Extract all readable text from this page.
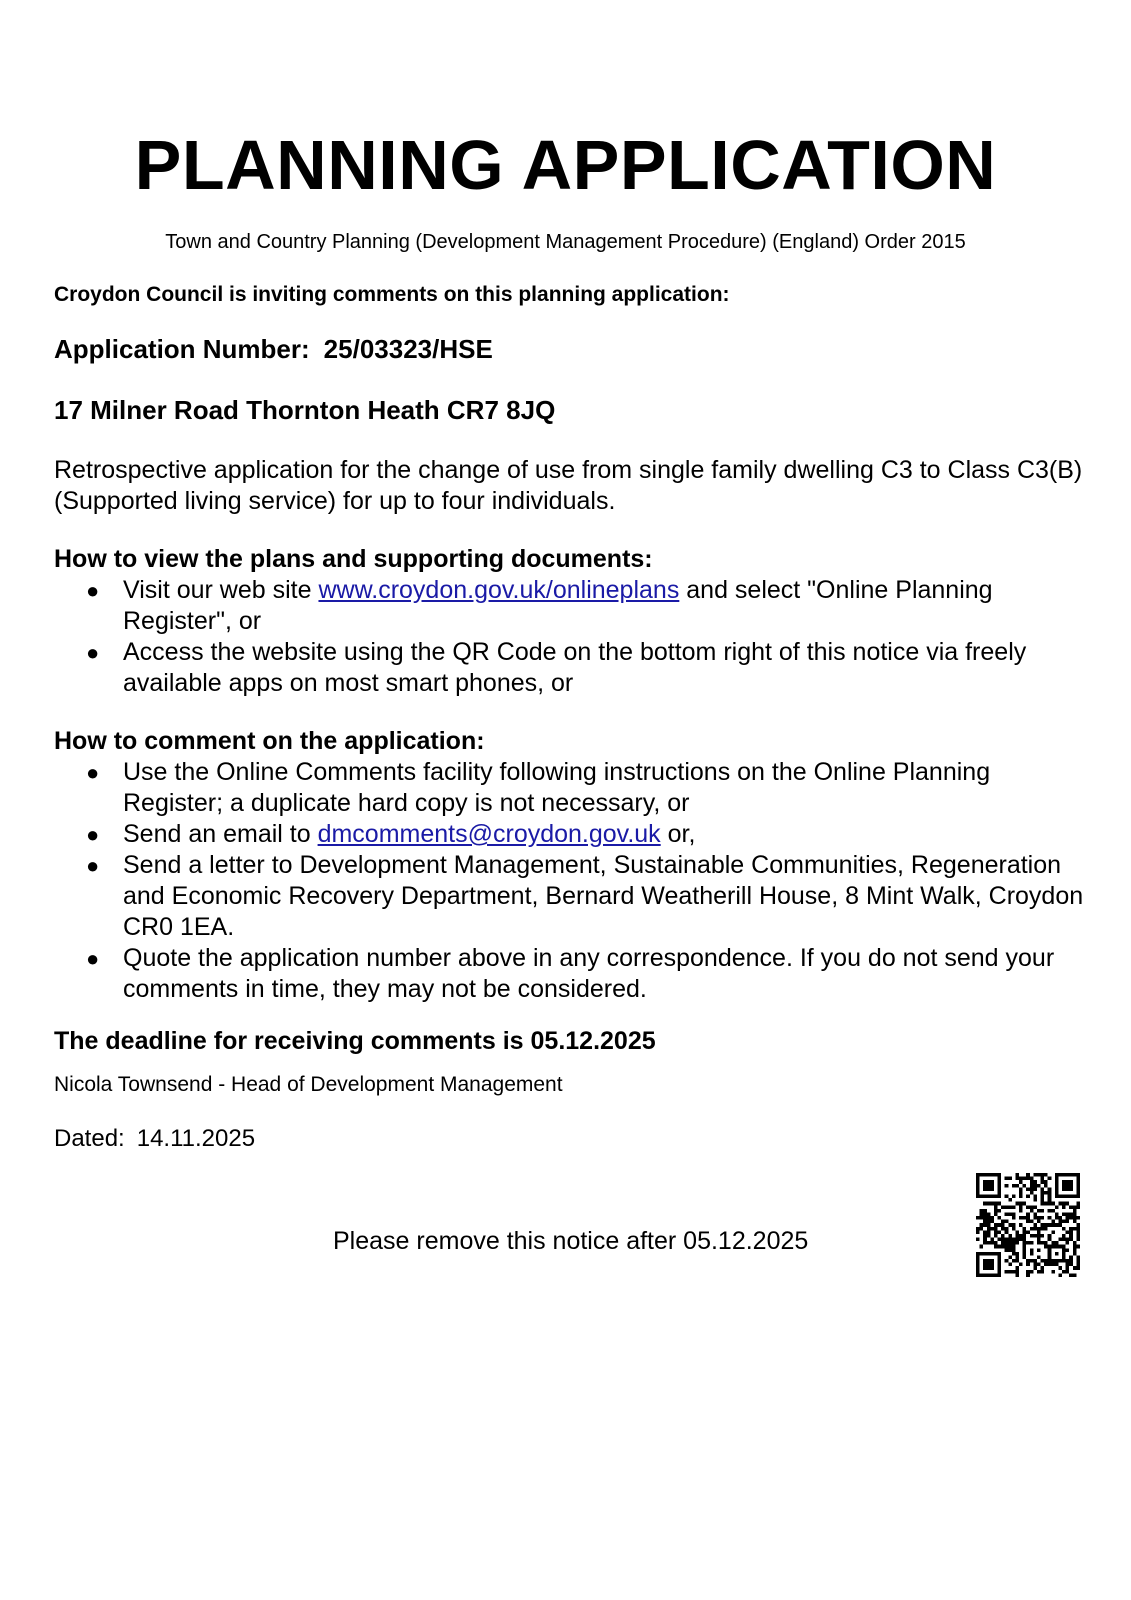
PLANNING APPLICATION
Town and Country Planning (Development Management Procedure) (England) Order 2015
Croydon Council is inviting comments on this planning application:
Application Number: 25/03323/HSE
17 Milner Road Thornton Heath CR7 8JQ
Retrospective application for the change of use from single family dwelling C3 to Class C3(B) (Supported living service) for up to four individuals.
How to view the plans and supporting documents:
● Visit our web site www.croydon.gov.uk/onlineplans and select "Online Planning Register", or
● Access the website using the QR Code on the bottom right of this notice via freely available apps on most smart phones, or
How to comment on the application:
● Use the Online Comments facility following instructions on the Online Planning Register; a duplicate hard copy is not necessary, or
● Send an email to dmcomments@croydon.gov.uk or,
● Send a letter to Development Management, Sustainable Communities, Regeneration and Economic Recovery Department, Bernard Weatherill House, 8 Mint Walk, Croydon CR0 1EA.
● Quote the application number above in any correspondence. If you do not send your comments in time, they may not be considered.
The deadline for receiving comments is 05.12.2025
Nicola Townsend - Head of Development Management
Dated: 14.11.2025
Please remove this notice after 05.12.2025
